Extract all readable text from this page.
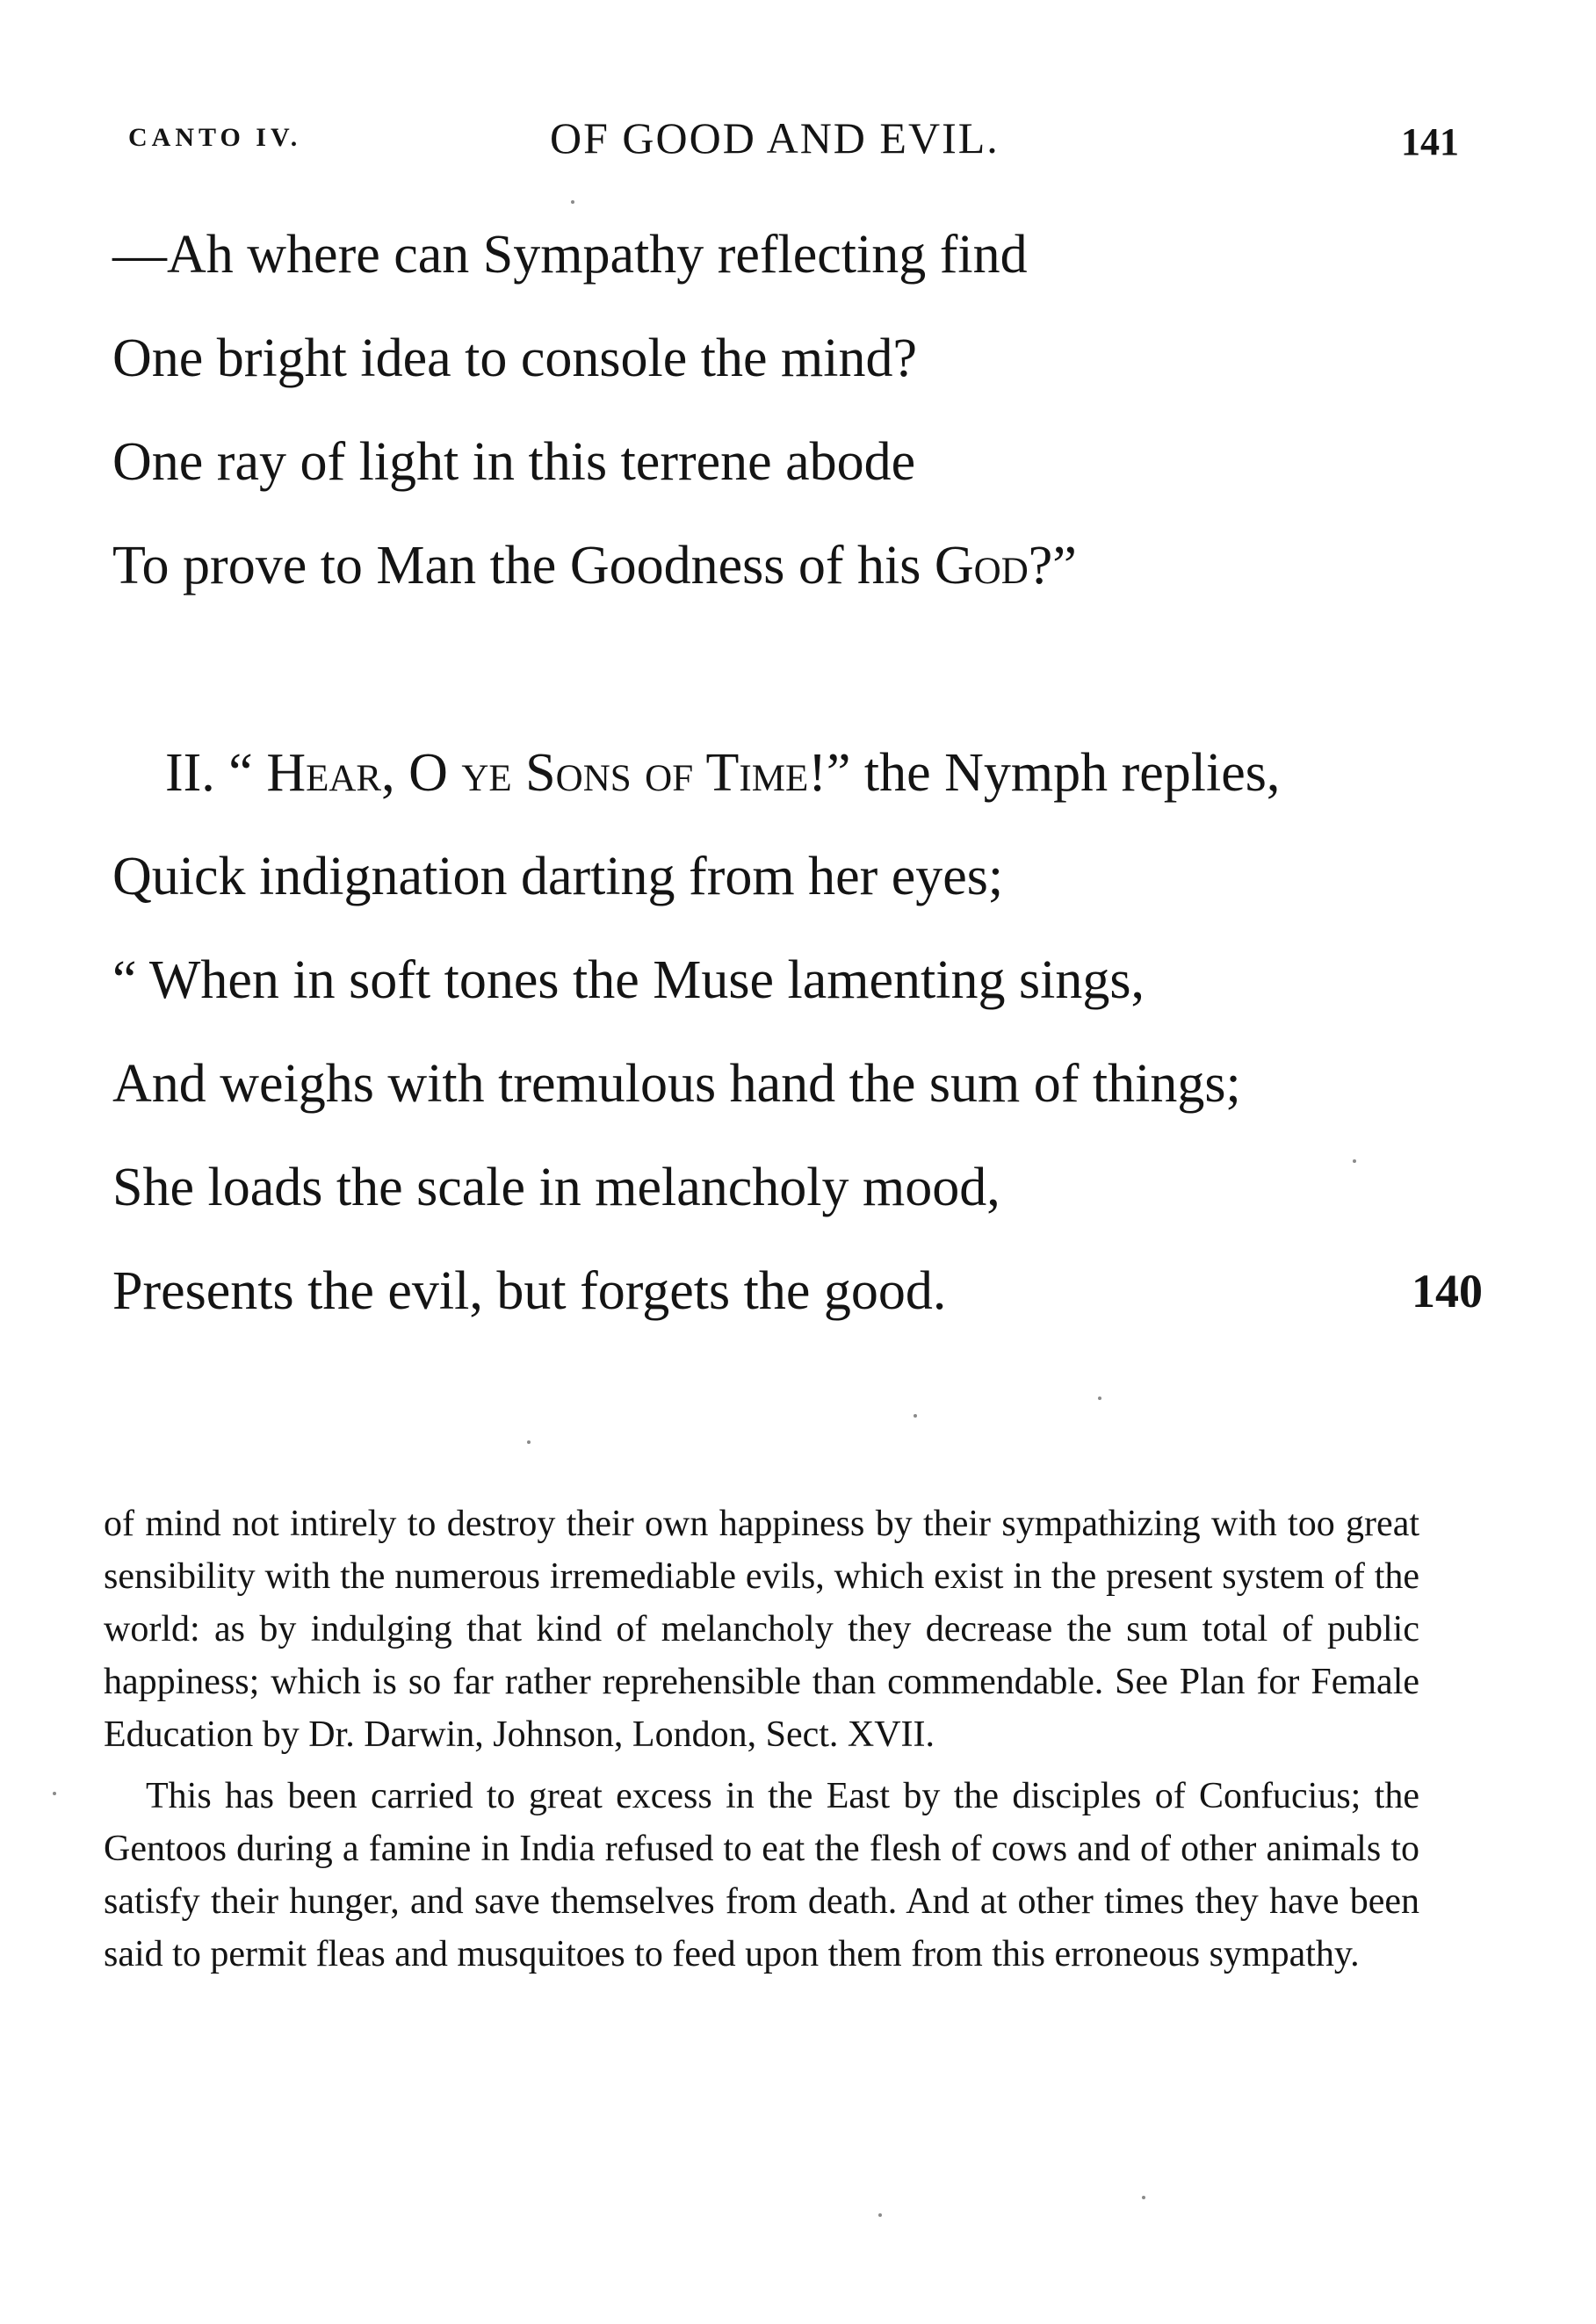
CANTO IV.	OF GOOD AND EVIL.	141
—Ah where can Sympathy reflecting find
One bright idea to console the mind?
One ray of light in this terrene abode
To prove to Man the Goodness of his God?”
II. “ Hear, O ye Sons of Time!” the Nymph replies,
Quick indignation darting from her eyes;
“ When in soft tones the Muse lamenting sings,
And weighs with tremulous hand the sum of things;
She loads the scale in melancholy mood,
Presents the evil, but forgets the good.	140

of mind not intirely to destroy their own happiness by their sympathizing with too great sensibility with the numerous irremediable evils, which exist in the present system of the world: as by indulging that kind of melancholy they decrease the sum total of public happiness; which is so far rather reprehensible than commendable. See Plan for Female Education by Dr. Darwin, Johnson, London, Sect. XVII.

This has been carried to great excess in the East by the disciples of Confucius; the Gentoos during a famine in India refused to eat the flesh of cows and of other animals to satisfy their hunger, and save themselves from death. And at other times they have been said to permit fleas and musquitoes to feed upon them from this erroneous sympathy.
